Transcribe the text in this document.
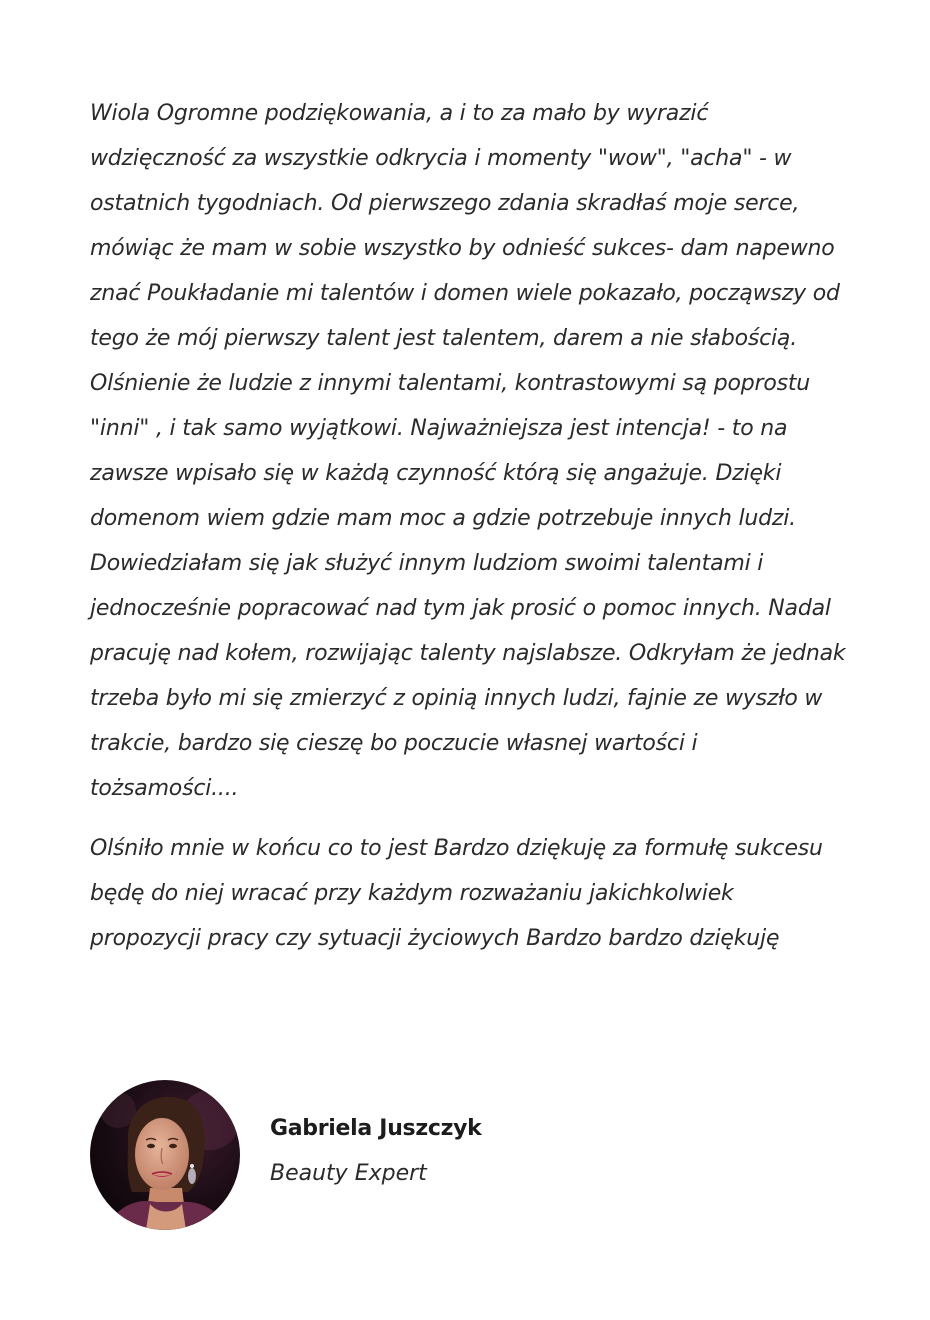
Wiola Ogromne podziękowania, a i to za mało by wyrazić wdzięczność za wszystkie odkrycia i momenty "wow", "acha" - w ostatnich tygodniach. Od pierwszego zdania skradłaś moje serce, mówiąc że mam w sobie wszystko by odnieść sukces- dam napewno znać Poukładanie mi talentów i domen wiele pokazało, począwszy od tego że mój pierwszy talent jest talentem, darem a nie słabością. Olśnienie że ludzie z innymi talentami, kontrastowymi są poprostu "inni" , i tak samo wyjątkowi. Najważniejsza jest intencja! - to na zawsze wpisało się w każdą czynność którą się angażuje. Dzięki domenom wiem gdzie mam moc a gdzie potrzebuje innych ludzi. Dowiedziałam się jak służyć innym ludziom swoimi talentami i jednocześnie popracować nad tym jak prosić o pomoc innych. Nadal pracuję nad kołem, rozwijając talenty najslabsze. Odkryłam że jednak trzeba było mi się zmierzyć z opinią innych ludzi, fajnie ze wyszło w trakcie, bardzo się cieszę bo poczucie własnej wartości i tożsamości....

Olśniło mnie w końcu co to jest Bardzo dziękuję za formułę sukcesu będę do niej wracać przy każdym rozważaniu jakichkolwiek propozycji pracy czy sytuacji życiowych Bardzo bardzo dziękuję

Gabriela Juszczyk
Beauty Expert
